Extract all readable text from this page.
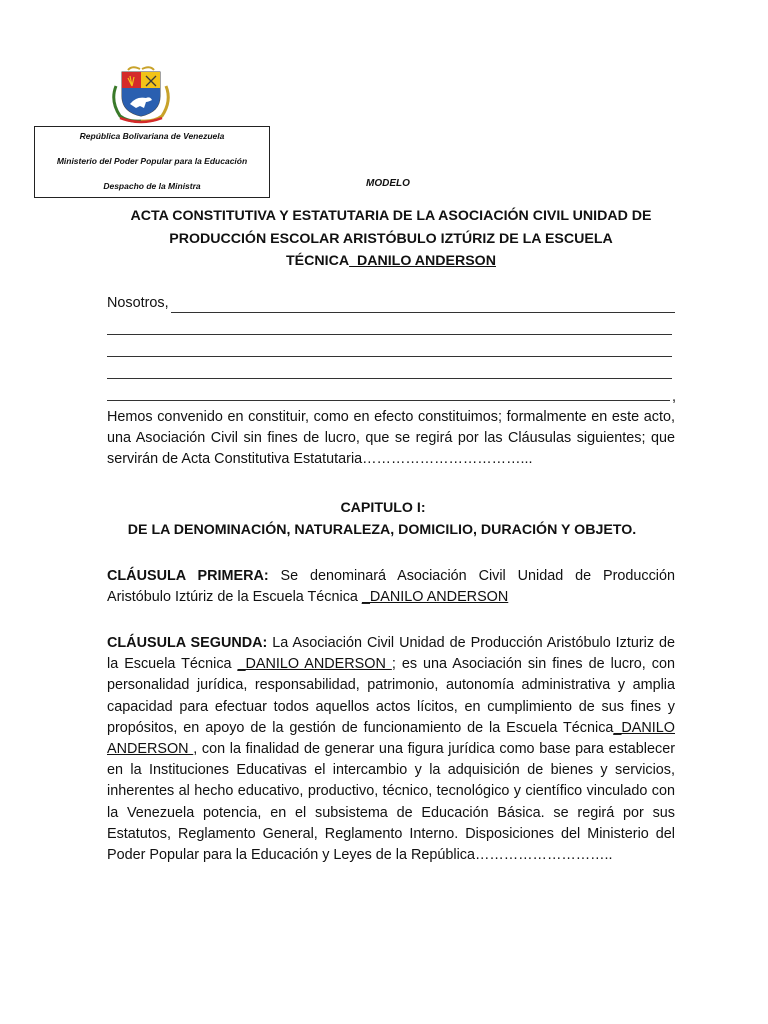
República Bolivariana de Venezuela
Ministerio del Poder Popular para la Educación
Despacho de la Ministra	MODELO
ACTA CONSTITUTIVA Y ESTATUTARIA DE LA ASOCIACIÓN CIVIL UNIDAD DE
PRODUCCIÓN ESCOLAR ARISTÓBULO IZTÚRIZ DE LA ESCUELA
TÉCNICA_DANILO ANDERSON
Nosotros,
,
Hemos convenido en constituir, como en efecto constituimos; formalmente en este acto, una Asociación Civil sin fines de lucro, que se regirá por las Cláusulas siguientes; que servirán de Acta Constitutiva Estatutaria……………………………...
CAPITULO I:
DE LA DENOMINACIÓN, NATURALEZA, DOMICILIO, DURACIÓN Y OBJETO.
CLÁUSULA PRIMERA: Se denominará Asociación Civil Unidad de Producción Aristóbulo Iztúriz de la Escuela Técnica _DANILO ANDERSON
CLÁUSULA SEGUNDA: La Asociación Civil Unidad de Producción Aristóbulo Izturiz de la Escuela Técnica _DANILO ANDERSON ; es una Asociación sin fines de lucro, con personalidad jurídica, responsabilidad, patrimonio, autonomía administrativa y amplia capacidad para efectuar todos aquellos actos lícitos, en cumplimiento de sus fines y propósitos, en apoyo de la gestión de funcionamiento de la Escuela Técnica_DANILO ANDERSON , con la finalidad de generar una figura jurídica como base para establecer en la Instituciones Educativas el intercambio y la adquisición de bienes y servicios, inherentes al hecho educativo, productivo, técnico, tecnológico y científico vinculado con la Venezuela potencia, en el subsistema de Educación Básica. se regirá por sus Estatutos, Reglamento General, Reglamento Interno. Disposiciones del Ministerio del Poder Popular para la Educación y Leyes de la República………………………..
